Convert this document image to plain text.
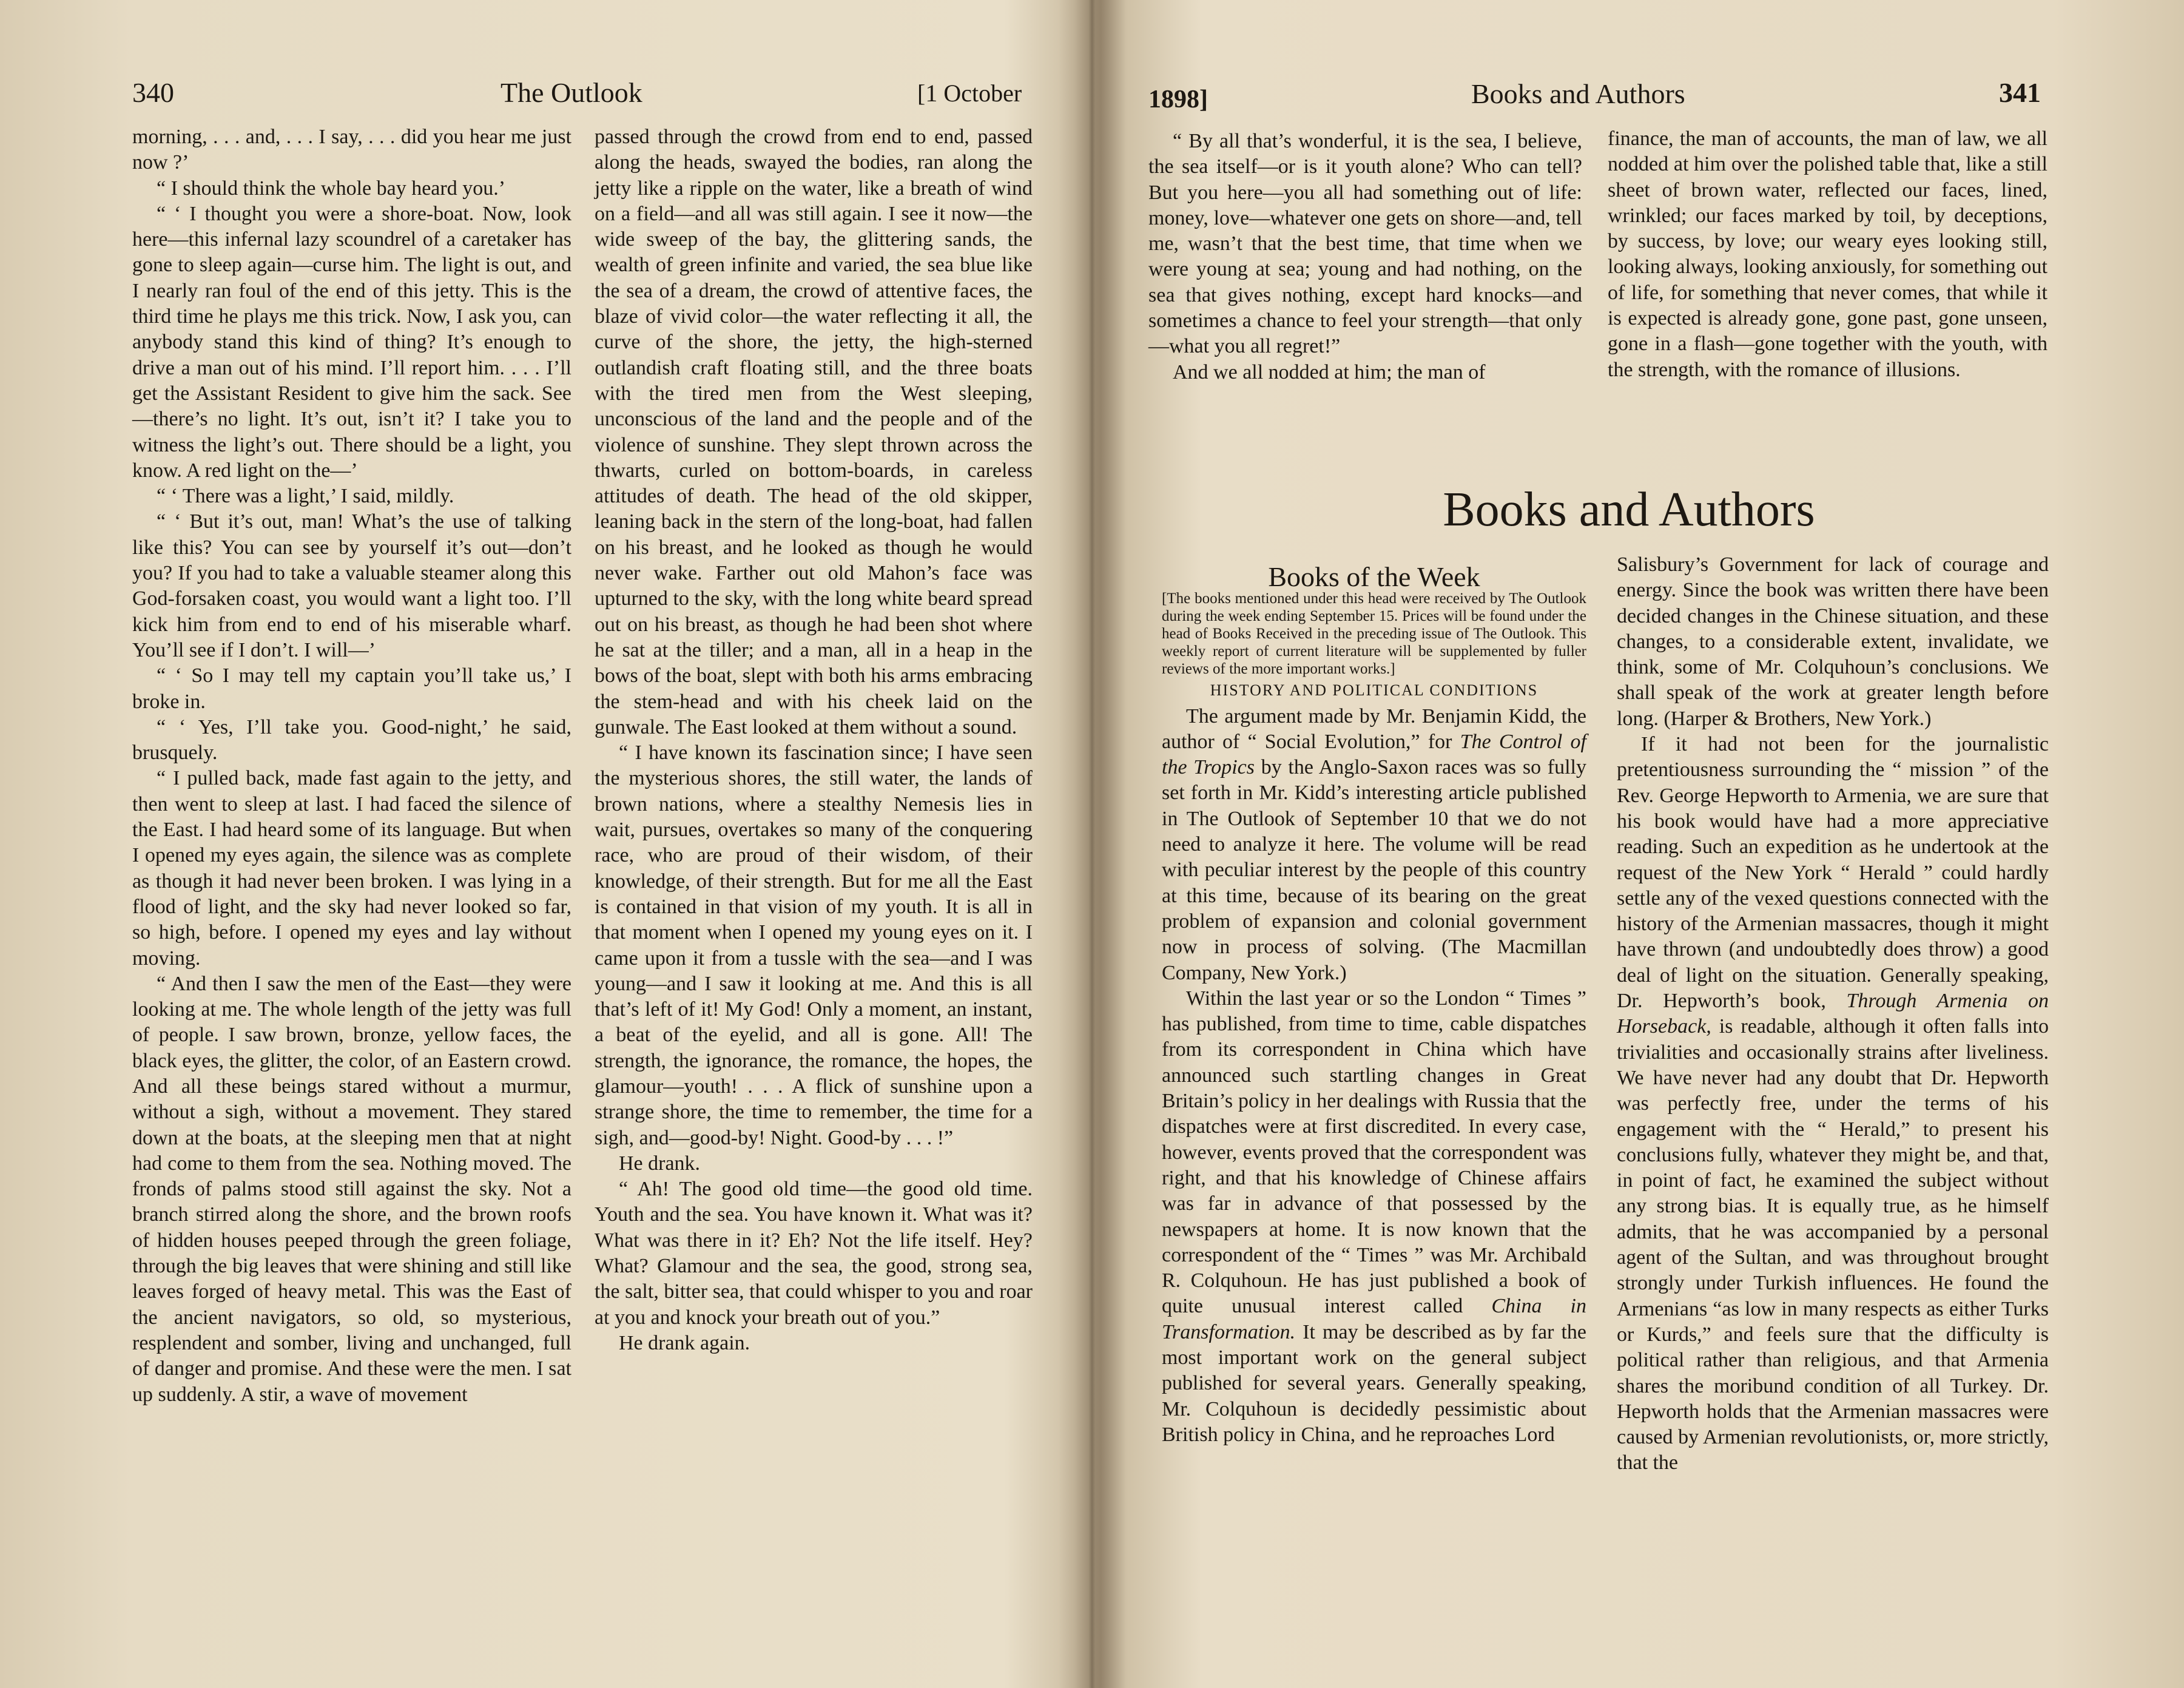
340	The Outlook	[1 October

morning, . . . and, . . . I say, . . . did you hear me just now ?’

“ I should think the whole bay heard you.’

“ ‘ I thought you were a shore-boat. Now, look here—this infernal lazy scoundrel of a caretaker has gone to sleep again—curse him. The light is out, and I nearly ran foul of the end of this jetty. This is the third time he plays me this trick. Now, I ask you, can anybody stand this kind of thing? It’s enough to drive a man out of his mind. I’ll report him. . . . I’ll get the Assistant Resident to give him the sack. See—there’s no light. It’s out, isn’t it? I take you to witness the light’s out. There should be a light, you know. A red light on the—’

“ ‘ There was a light,’ I said, mildly.

“ ‘ But it’s out, man! What’s the use of talking like this? You can see by yourself it’s out—don’t you? If you had to take a valuable steamer along this God-forsaken coast, you would want a light too. I’ll kick him from end to end of his miserable wharf. You’ll see if I don’t. I will—’

“ ‘ So I may tell my captain you’ll take us,’ I broke in.

“ ‘ Yes, I’ll take you. Good-night,’ he said, brusquely.

“ I pulled back, made fast again to the jetty, and then went to sleep at last. I had faced the silence of the East. I had heard some of its language. But when I opened my eyes again, the silence was as complete as though it had never been broken. I was lying in a flood of light, and the sky had never looked so far, so high, before. I opened my eyes and lay without moving.

“ And then I saw the men of the East—they were looking at me. The whole length of the jetty was full of people. I saw brown, bronze, yellow faces, the black eyes, the glitter, the color, of an Eastern crowd. And all these beings stared without a murmur, without a sigh, without a movement. They stared down at the boats, at the sleeping men that at night had come to them from the sea. Nothing moved. The fronds of palms stood still against the sky. Not a branch stirred along the shore, and the brown roofs of hidden houses peeped through the green foliage, through the big leaves that were shining and still like leaves forged of heavy metal. This was the East of the ancient navigators, so old, so mysterious, resplendent and somber, living and unchanged, full of danger and promise. And these were the men. I sat up suddenly. A stir, a wave of movement

passed through the crowd from end to end, passed along the heads, swayed the bodies, ran along the jetty like a ripple on the water, like a breath of wind on a field—and all was still again. I see it now—the wide sweep of the bay, the glittering sands, the wealth of green infinite and varied, the sea blue like the sea of a dream, the crowd of attentive faces, the blaze of vivid color—the water reflecting it all, the curve of the shore, the jetty, the high-sterned outlandish craft floating still, and the three boats with the tired men from the West sleeping, unconscious of the land and the people and of the violence of sunshine. They slept thrown across the thwarts, curled on bottom-boards, in careless attitudes of death. The head of the old skipper, leaning back in the stern of the long-boat, had fallen on his breast, and he looked as though he would never wake. Farther out old Mahon’s face was upturned to the sky, with the long white beard spread out on his breast, as though he had been shot where he sat at the tiller; and a man, all in a heap in the bows of the boat, slept with both his arms embracing the stem-head and with his cheek laid on the gunwale. The East looked at them without a sound.

“ I have known its fascination since; I have seen the mysterious shores, the still water, the lands of brown nations, where a stealthy Nemesis lies in wait, pursues, overtakes so many of the conquering race, who are proud of their wisdom, of their knowledge, of their strength. But for me all the East is contained in that vision of my youth. It is all in that moment when I opened my young eyes on it. I came upon it from a tussle with the sea—and I was young—and I saw it looking at me. And this is all that’s left of it! My God! Only a moment, an instant, a beat of the eyelid, and all is gone. All! The strength, the ignorance, the romance, the hopes, the glamour—youth! . . . A flick of sunshine upon a strange shore, the time to remember, the time for a sigh, and—good-by! Night. Good-by . . . !”

He drank.

“ Ah! The good old time—the good old time. Youth and the sea. You have known it. What was it? What was there in it? Eh? Not the life itself. Hey? What? Glamour and the sea, the good, strong sea, the salt, bitter sea, that could whisper to you and roar at you and knock your breath out of you.”

He drank again.

1898]	Books and Authors	341

“ By all that’s wonderful, it is the sea, I believe, the sea itself—or is it youth alone? Who can tell? But you here—you all had something out of life: money, love—whatever one gets on shore—and, tell me, wasn’t that the best time, that time when we were young at sea; young and had nothing, on the sea that gives nothing, except hard knocks—and sometimes a chance to feel your strength—that only—what you all regret!”

And we all nodded at him; the man of

finance, the man of accounts, the man of law, we all nodded at him over the polished table that, like a still sheet of brown water, reflected our faces, lined, wrinkled; our faces marked by toil, by deceptions, by success, by love; our weary eyes looking still, looking always, looking anxiously, for something out of life, for something that never comes, that while it is expected is already gone, gone past, gone unseen, gone in a flash—gone together with the youth, with the strength, with the romance of illusions.

Books and Authors

Books of the Week

[The books mentioned under this head were received by The Outlook during the week ending September 15. Prices will be found under the head of Books Received in the preceding issue of The Outlook. This weekly report of current literature will be supplemented by fuller reviews of the more important works.]

HISTORY AND POLITICAL CONDITIONS

The argument made by Mr. Benjamin Kidd, the author of “ Social Evolution,” for The Control of the Tropics by the Anglo-Saxon races was so fully set forth in Mr. Kidd’s interesting article published in The Outlook of September 10 that we do not need to analyze it here. The volume will be read with peculiar interest by the people of this country at this time, because of its bearing on the great problem of expansion and colonial government now in process of solving. (The Macmillan Company, New York.)

Within the last year or so the London “ Times ” has published, from time to time, cable dispatches from its correspondent in China which have announced such startling changes in Great Britain’s policy in her dealings with Russia that the dispatches were at first discredited. In every case, however, events proved that the correspondent was right, and that his knowledge of Chinese affairs was far in advance of that possessed by the newspapers at home. It is now known that the correspondent of the “ Times ” was Mr. Archibald R. Colquhoun. He has just published a book of quite unusual interest called China in Transformation. It may be described as by far the most important work on the general subject published for several years. Generally speaking, Mr. Colquhoun is decidedly pessimistic about British policy in China, and he reproaches Lord

Salisbury’s Government for lack of courage and energy. Since the book was written there have been decided changes in the Chinese situation, and these changes, to a considerable extent, invalidate, we think, some of Mr. Colquhoun’s conclusions. We shall speak of the work at greater length before long. (Harper & Brothers, New York.)

If it had not been for the journalistic pretentiousness surrounding the “ mission ” of the Rev. George Hepworth to Armenia, we are sure that his book would have had a more appreciative reading. Such an expedition as he undertook at the request of the New York “ Herald ” could hardly settle any of the vexed questions connected with the history of the Armenian massacres, though it might have thrown (and undoubtedly does throw) a good deal of light on the situation. Generally speaking, Dr. Hepworth’s book, Through Armenia on Horseback, is readable, although it often falls into trivialities and occasionally strains after liveliness. We have never had any doubt that Dr. Hepworth was perfectly free, under the terms of his engagement with the “ Herald,” to present his conclusions fully, whatever they might be, and that, in point of fact, he examined the subject without any strong bias. It is equally true, as he himself admits, that he was accompanied by a personal agent of the Sultan, and was throughout brought strongly under Turkish influences. He found the Armenians “as low in many respects as either Turks or Kurds,” and feels sure that the difficulty is political rather than religious, and that Armenia shares the moribund condition of all Turkey. Dr. Hepworth holds that the Armenian massacres were caused by Armenian revolutionists, or, more strictly, that the
